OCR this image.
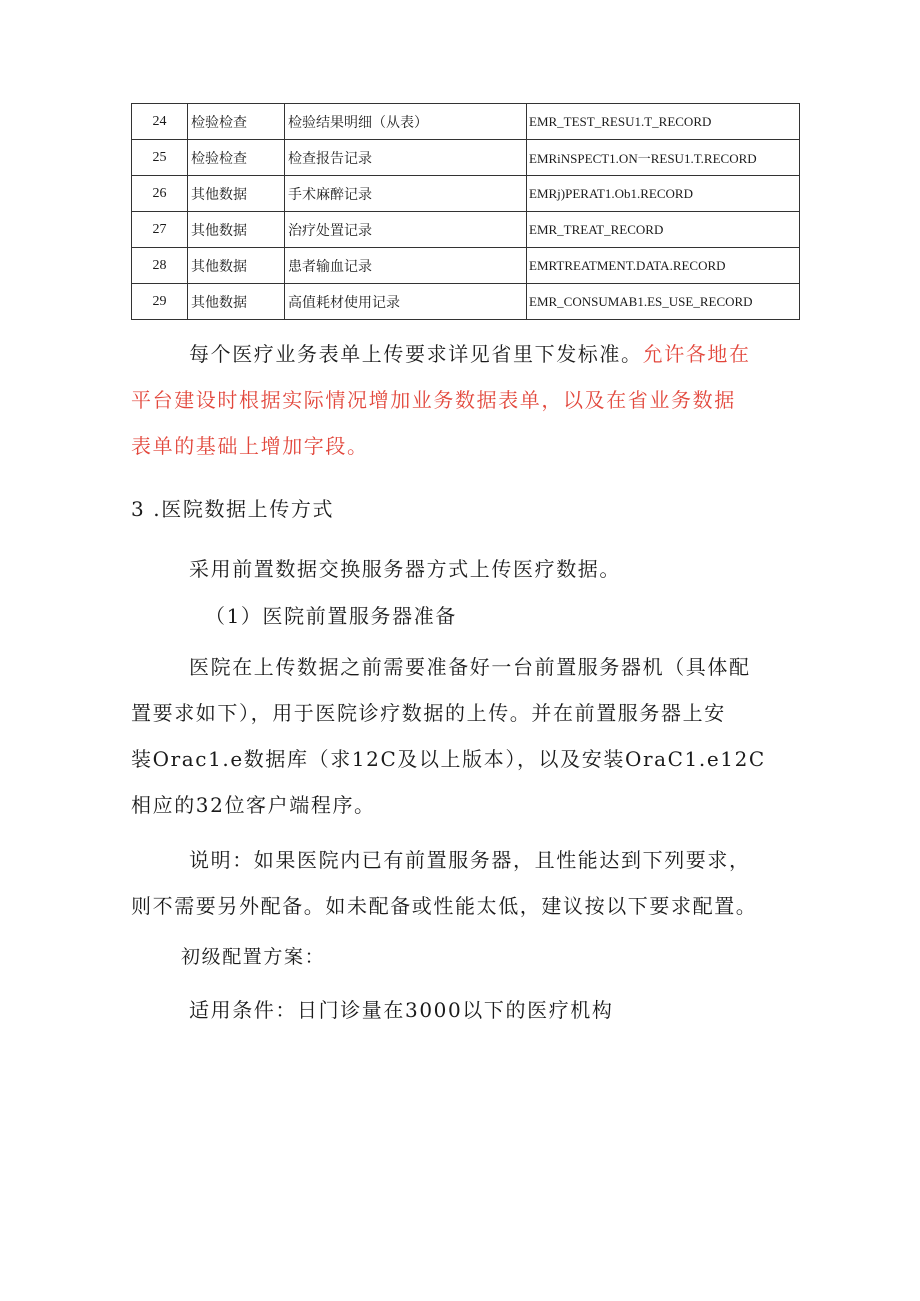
24	检验检查	检验结果明细（从表）	EMR_TEST_RESU1.T_RECORD
25	检验检查	检查报告记录	EMRiNSPECT1.ON一RESU1.T.RECORD
26	其他数据	手术麻醉记录	EMRj)PERAT1.Ob1.RECORD
27	其他数据	治疗处置记录	EMR_TREAT_RECORD
28	其他数据	患者输血记录	EMRTREATMENT.DATA.RECORD
29	其他数据	高值耗材使用记录	EMR_CONSUMAB1.ES_USE_RECORD
每个医疗业务表单上传要求详见省里下发标准。允许各地在
平台建设时根据实际情况增加业务数据表单，以及在省业务数据
表单的基础上增加字段。
3 .医院数据上传方式
采用前置数据交换服务器方式上传医疗数据。
（1）医院前置服务器准备
医院在上传数据之前需要准备好一台前置服务器机（具体配
置要求如下），用于医院诊疗数据的上传。并在前置服务器上安
装Orac1.e数据库（求12C及以上版本），以及安装OraC1.e12C
相应的32位客户端程序。
说明：如果医院内已有前置服务器，且性能达到下列要求，
则不需要另外配备。如未配备或性能太低，建议按以下要求配置。
初级配置方案：
适用条件：日门诊量在3000以下的医疗机构
